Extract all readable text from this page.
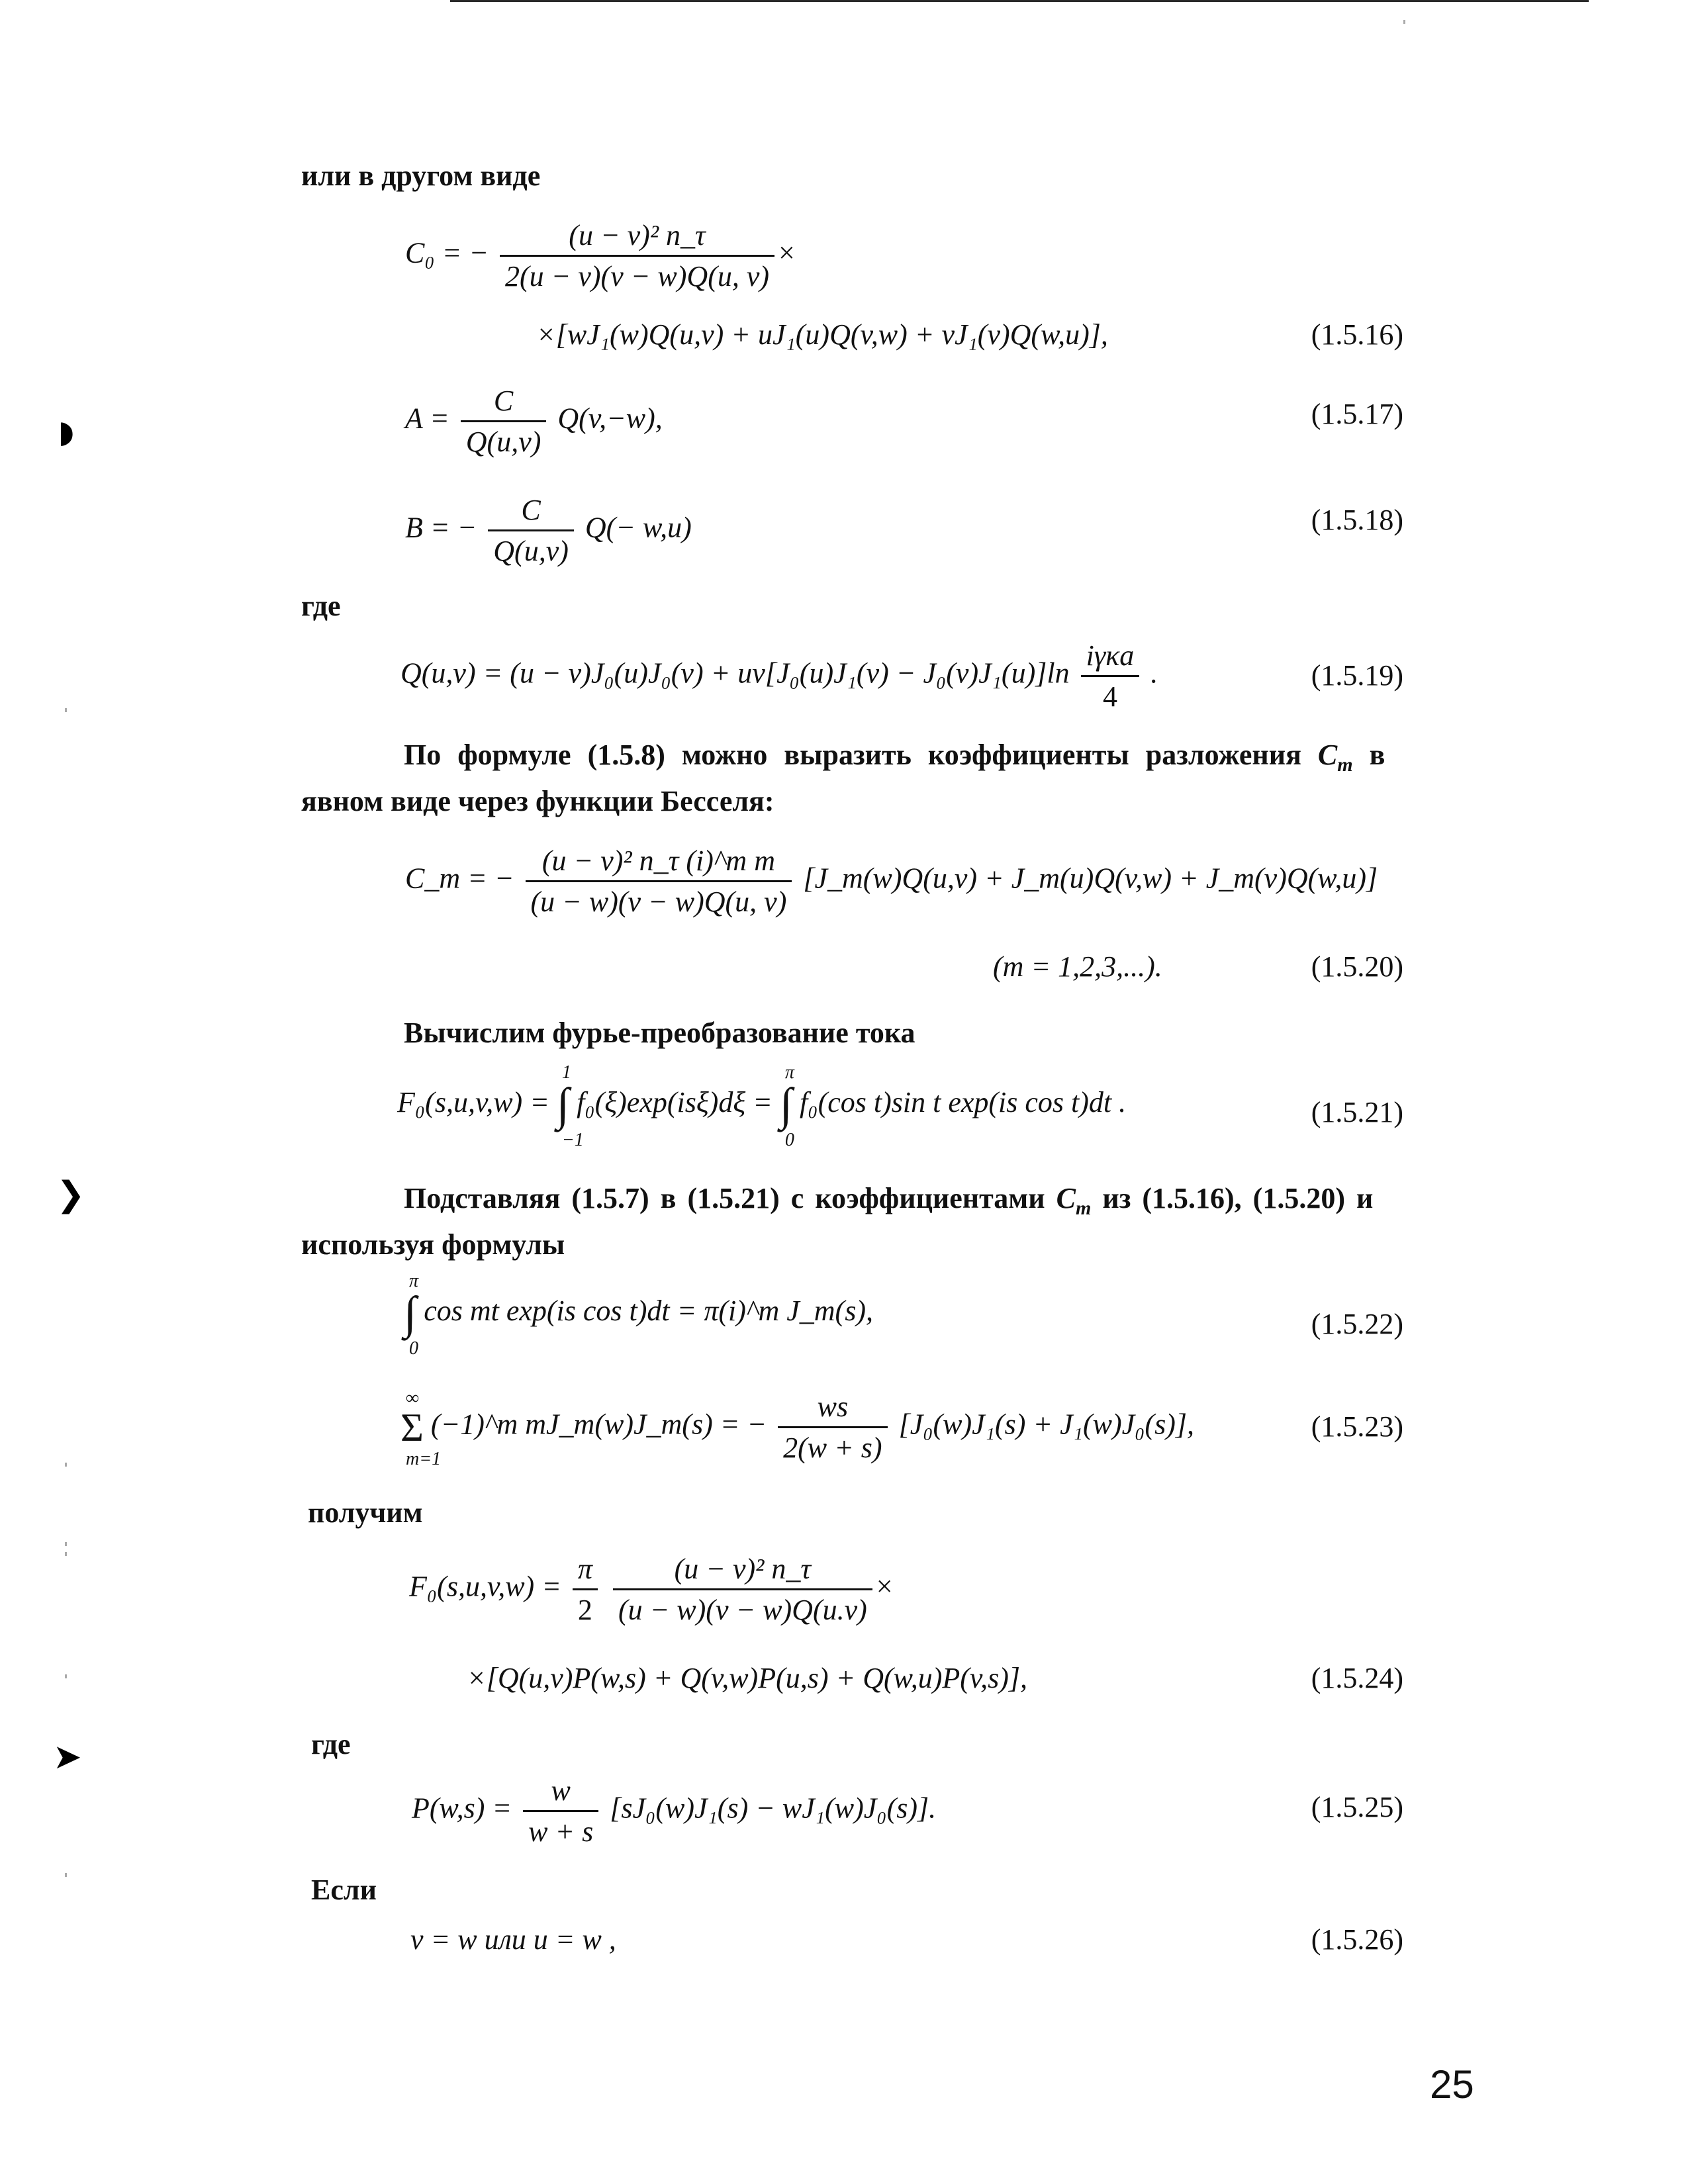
◗
❯
➤
или в другом виде
C₀ = − $\frac{\text{(u − v)² n\_τ}}{2(u - v)(v - w)Q(u, v)}$ ×
×[wJ₁(w)Q(u,v) + uJ₁(u)Q(v,w) + vJ₁(v)Q(w,u)],	(1.5.16)
$A = \frac{C}{Q(u,v)} Q(v,-w)$,	(1.5.17)
B = − $\frac{C}{Q(u,v)} Q(- w,u)$	(1.5.18)
где
$Q(u,v) = (u - v)J_0(u)J_0(v) + uv[J_0(u)J_1(v) - J_0(v)J_1(u)]\ln \frac{\text{iγκa}}{4}$ .	(1.5.19)
По формуле (1.5.8) можно выразить коэффициенты разложения $C_m$ в
явном виде через функции Бесселя:
C_m = − $\frac{\text{(u − v)² n\_τ (i)\textasciicircum{}m m}}{(u - w)(v - w)Q(u, v)}$ [J_m(w)Q(u,v) + J_m(u)Q(v,w) + J_m(v)Q(w,u)]
(m = 1,2,3,...).	(1.5.20)
Вычислим фурье-преобразование тока
F₀(s,u,v,w) = ∫
1
−1
f₀(ξ)exp(isξ)dξ = ∫
π
0
f₀(cos t)sin t exp(is cos t)dt .	(1.5.21)
Подставляя (1.5.7) в (1.5.21) с коэффициентами $C_m$ из (1.5.16), (1.5.20) и
используя формулы
∫
π
0
cos mt exp(is cos t)dt = π(i)^m J_m(s),	(1.5.22)
Σ
∞
m=1
(−1)^m mJ_m(w)J_m(s) = − $\frac{ws}{2(w + s)} [J_0(w)J_1(s) + J_1(w)J_0(s)]$,	(1.5.23)
получим
$F_0(s,u,v,w) = \frac{\pi}{2}$
$\frac{\text{(u − v)² n\_τ}}{(u - w)(v - w)Q(u.v)}$ ×
×[Q(u,v)P(w,s) + Q(v,w)P(u,s) + Q(w,u)P(v,s)],	(1.5.24)
где
$P(w,s) = \frac{w}{w + s} [sJ_0(w)J_1(s) - wJ_1(w)J_0(s)]$.	(1.5.25)
Если
v = w или u = w ,	(1.5.26)
25
